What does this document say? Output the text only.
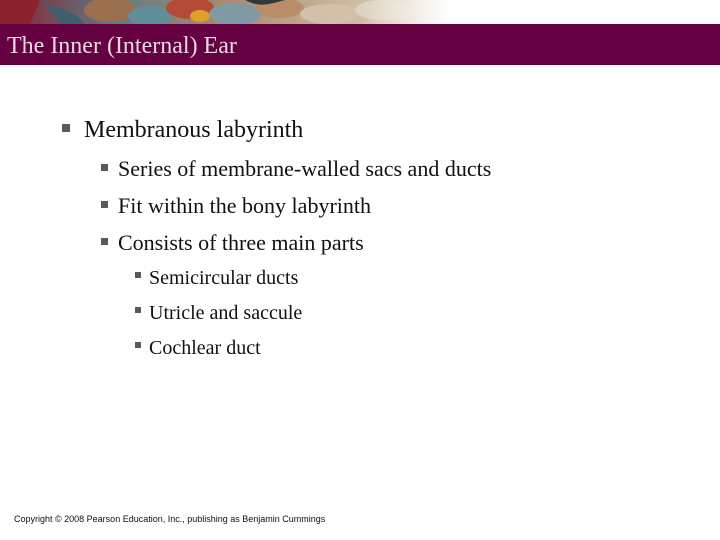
The Inner (Internal) Ear
Membranous labyrinth
Series of membrane-walled sacs and ducts
Fit within the bony labyrinth
Consists of three main parts
Semicircular ducts
Utricle and saccule
Cochlear duct
Copyright © 2008 Pearson Education, Inc., publishing as Benjamin Cummings
